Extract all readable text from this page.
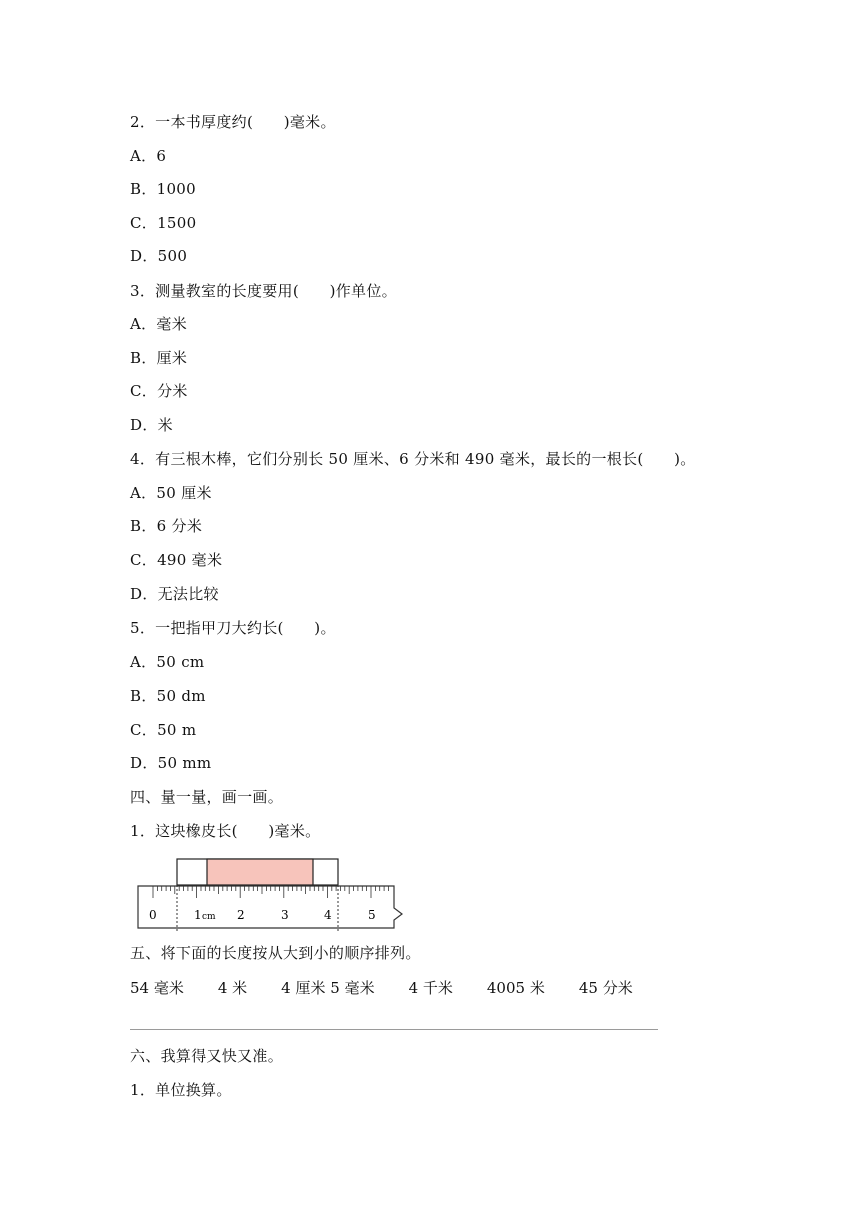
2．一本书厚度约(　　)毫米。
A．6
B．1000
C．1500
D．500
3．测量教室的长度要用(　　)作单位。
A．毫米
B．厘米
C．分米
D．米
4．有三根木棒，它们分别长 50 厘米、6 分米和 490 毫米，最长的一根长(　　)。
A．50 厘米
B．6 分米
C．490 毫米
D．无法比较
5．一把指甲刀大约长(　　)。
A．50 cm
B．50 dm
C．50 m
D．50 mm
四、量一量，画一画。
1．这块橡皮长(　　)毫米。
0	1 cm 2	3	4	5
五、将下面的长度按从大到小的顺序排列。
54 毫米 4 米 4 厘米 5 毫米 4 千米 4005 米 45 分米
六、我算得又快又准。
1．单位换算。
